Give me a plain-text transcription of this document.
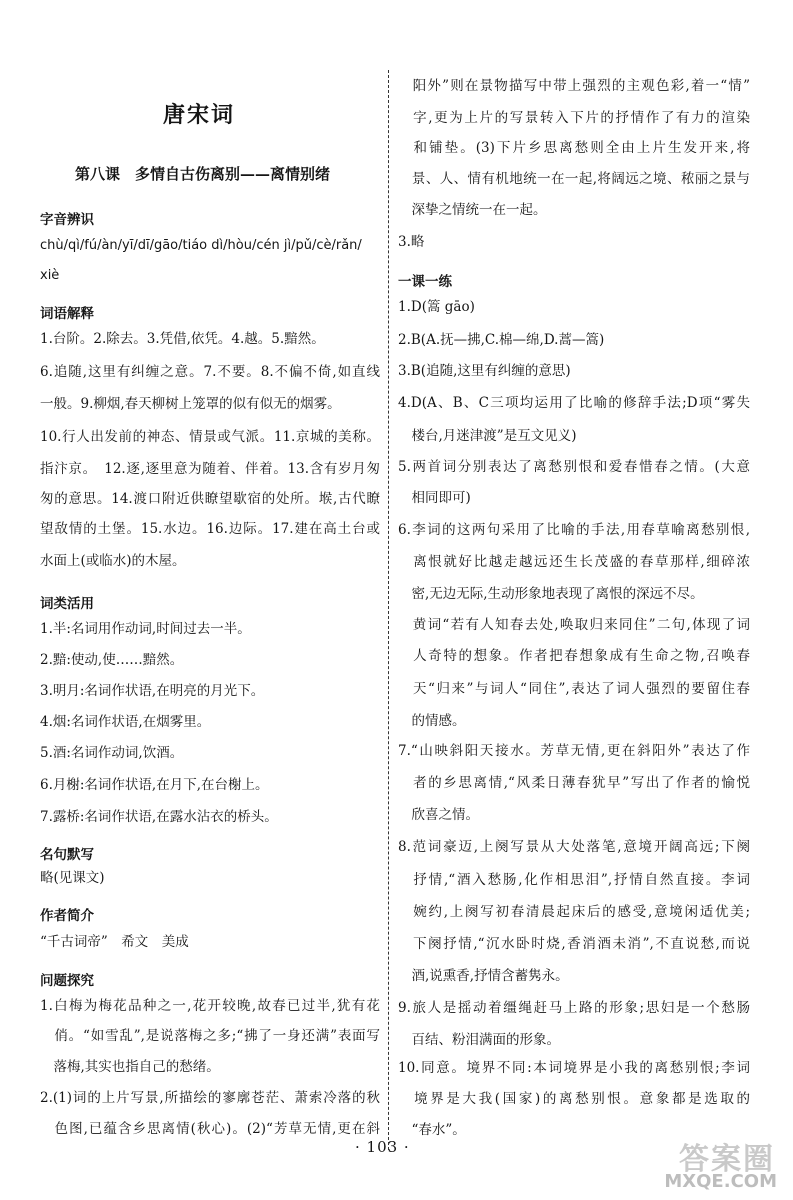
唐宋词
第八课　多情自古伤离别——离情别绪
字音辨识
chù/qì/fú/àn/yī/dī/gāo/tiáo dì/hòu/cén jì/pǔ/cè/rǎn/
xiè
词语解释
1.台阶。2.除去。3.凭借,依凭。4.越。5.黯然。
6.追随,这里有纠缠之意。7.不要。8.不偏不倚,如直线
一般。9.柳烟,春天柳树上笼罩的似有似无的烟雾。
10.行人出发前的神态、情景或气派。11.京城的美称。
指汴京。　12.逐,逐里意为随着、伴着。13.含有岁月匆
匆的意思。14.渡口附近供瞭望歇宿的处所。堠,古代瞭
望敌情的土堡。15.水边。16.边际。17.建在高土台或
水面上(或临水)的木屋。
词类活用
1.半:名词用作动词,时间过去一半。
2.黯:使动,使……黯然。
3.明月:名词作状语,在明亮的月光下。
4.烟:名词作状语,在烟雾里。
5.酒:名词作动词,饮酒。
6.月榭:名词作状语,在月下,在台榭上。
7.露桥:名词作状语,在露水沾衣的桥头。
名句默写
略(见课文)
作者简介
“千古词帝”　希文　美成
问题探究
1.白梅为梅花品种之一,花开较晚,故春已过半,犹有花
　俏。“如雪乱”,是说落梅之多;“拂了一身还满”表面写
　落梅,其实也指自己的愁绪。
2.(1)词的上片写景,所描绘的寥廓苍茫、萧索冷落的秋
　色图,已蕴含乡思离情(秋心)。(2)“芳草无情,更在斜
　阳外”则在景物描写中带上强烈的主观色彩,着一“情”
　字,更为上片的写景转入下片的抒情作了有力的渲染
　和铺垫。(3)下片乡思离愁则全由上片生发开来,将
　景、人、情有机地统一在一起,将阔远之境、秾丽之景与
　深挚之情统一在一起。
3.略
一课一练
1.D(篙 gāo)
2.B(A.抚—拂,C.棉—绵,D.蒿—篙)
3.B(追随,这里有纠缠的意思)
4.D(A、B、C三项均运用了比喻的修辞手法;D项“雾失
　楼台,月迷津渡”是互文见义)
5.两首词分别表达了离愁别恨和爱春惜春之情。(大意
　相同即可)
6.李词的这两句采用了比喻的手法,用春草喻离愁别恨,
　离恨就好比越走越远还生长茂盛的春草那样,细碎浓
　密,无边无际,生动形象地表现了离恨的深远不尽。
　黄词“若有人知春去处,唤取归来同住”二句,体现了词
　人奇特的想象。作者把春想象成有生命之物,召唤春
　天“归来”与词人“同住”,表达了词人强烈的要留住春
　的情感。
7.“山映斜阳天接水。芳草无情,更在斜阳外”表达了作
　者的乡思离情,“风柔日薄春犹早”写出了作者的愉悦
　欣喜之情。
8.范词豪迈,上阕写景从大处落笔,意境开阔高远;下阕
　抒情,“酒入愁肠,化作相思泪”,抒情自然直接。李词
　婉约,上阕写初春清晨起床后的感受,意境闲适优美;
　下阕抒情,“沉水卧时烧,香消酒未消”,不直说愁,而说
　酒,说熏香,抒情含蓄隽永。
9.旅人是摇动着缰绳赶马上路的形象;思妇是一个愁肠
　百结、粉泪满面的形象。
10.同意。境界不同:本词境界是小我的离愁别恨;李词
　境界是大我(国家)的离愁别恨。意象都是选取的
　“春水”。
· 103 ·	答案圈
MXQE.COM
